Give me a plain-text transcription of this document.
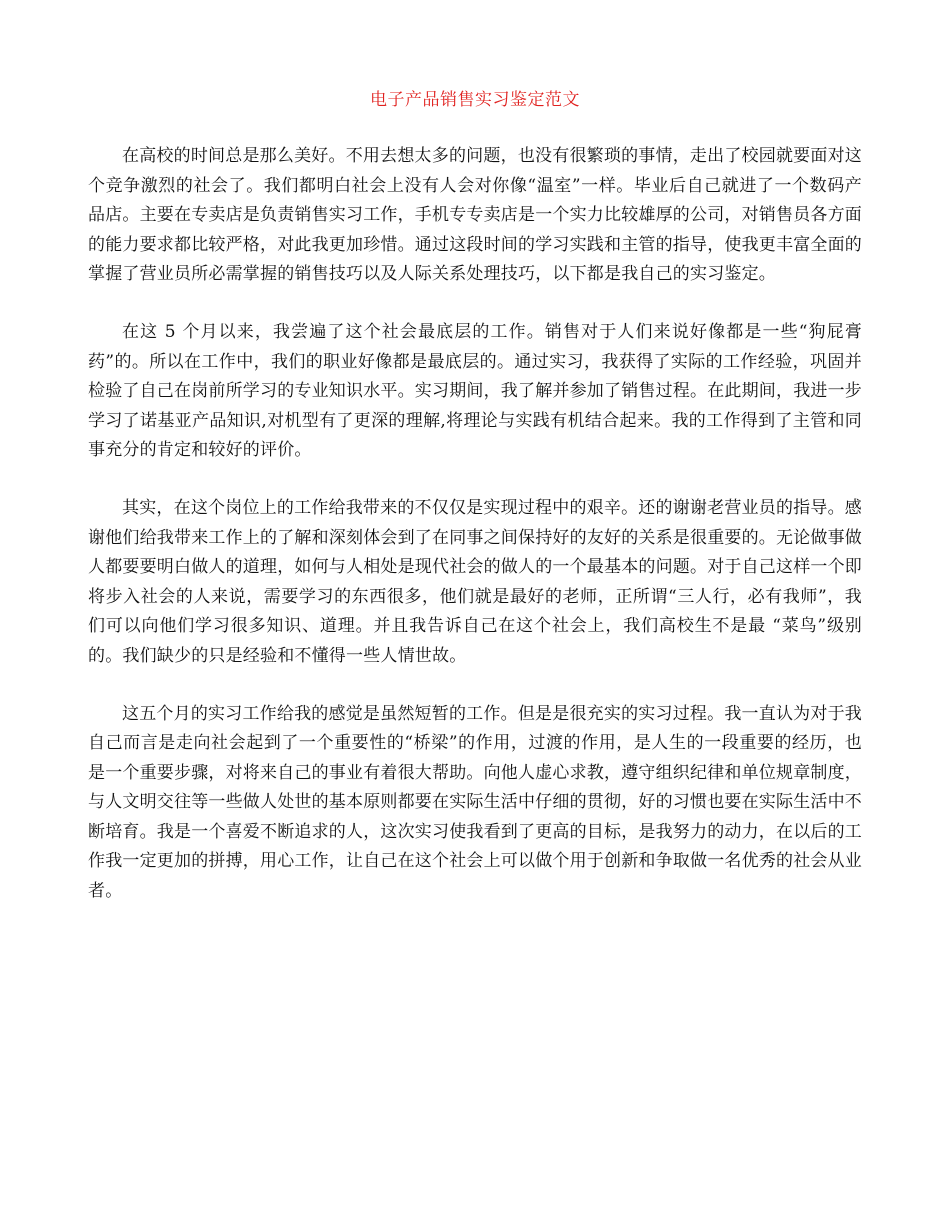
电子产品销售实习鉴定范文

在高校的时间总是那么美好。不用去想太多的问题，也没有很繁琐的事情，走出了校园就要面对这个竞争激烈的社会了。我们都明白社会上没有人会对你像“温室”一样。毕业后自己就进了一个数码产品店。主要在专卖店是负责销售实习工作，手机专专卖店是一个实力比较雄厚的公司，对销售员各方面的能力要求都比较严格，对此我更加珍惜。通过这段时间的学习实践和主管的指导，使我更丰富全面的掌握了营业员所必需掌握的销售技巧以及人际关系处理技巧，以下都是我自己的实习鉴定。

在这 5 个月以来，我尝遍了这个社会最底层的工作。销售对于人们来说好像都是一些“狗屁膏药”的。所以在工作中，我们的职业好像都是最底层的。通过实习，我获得了实际的工作经验，巩固并检验了自己在岗前所学习的专业知识水平。实习期间，我了解并参加了销售过程。在此期间，我进一步学习了诺基亚产品知识,对机型有了更深的理解,将理论与实践有机结合起来。我的工作得到了主管和同事充分的肯定和较好的评价。

其实，在这个岗位上的工作给我带来的不仅仅是实现过程中的艰辛。还的谢谢老营业员的指导。感谢他们给我带来工作上的了解和深刻体会到了在同事之间保持好的友好的关系是很重要的。无论做事做人都要要明白做人的道理，如何与人相处是现代社会的做人的一个最基本的问题。对于自己这样一个即将步入社会的人来说，需要学习的东西很多，他们就是最好的老师，正所谓“三人行，必有我师”，我们可以向他们学习很多知识、道理。并且我告诉自己在这个社会上，我们高校生不是最 “菜鸟”级别的。我们缺少的只是经验和不懂得一些人情世故。

这五个月的实习工作给我的感觉是虽然短暂的工作。但是是很充实的实习过程。我一直认为对于我自己而言是走向社会起到了一个重要性的“桥梁”的作用，过渡的作用，是人生的一段重要的经历，也是一个重要步骤，对将来自己的事业有着很大帮助。向他人虚心求教，遵守组织纪律和单位规章制度，与人文明交往等一些做人处世的基本原则都要在实际生活中仔细的贯彻，好的习惯也要在实际生活中不断培育。我是一个喜爱不断追求的人，这次实习使我看到了更高的目标，是我努力的动力，在以后的工作我一定更加的拼搏，用心工作，让自己在这个社会上可以做个用于创新和争取做一名优秀的社会从业者。
